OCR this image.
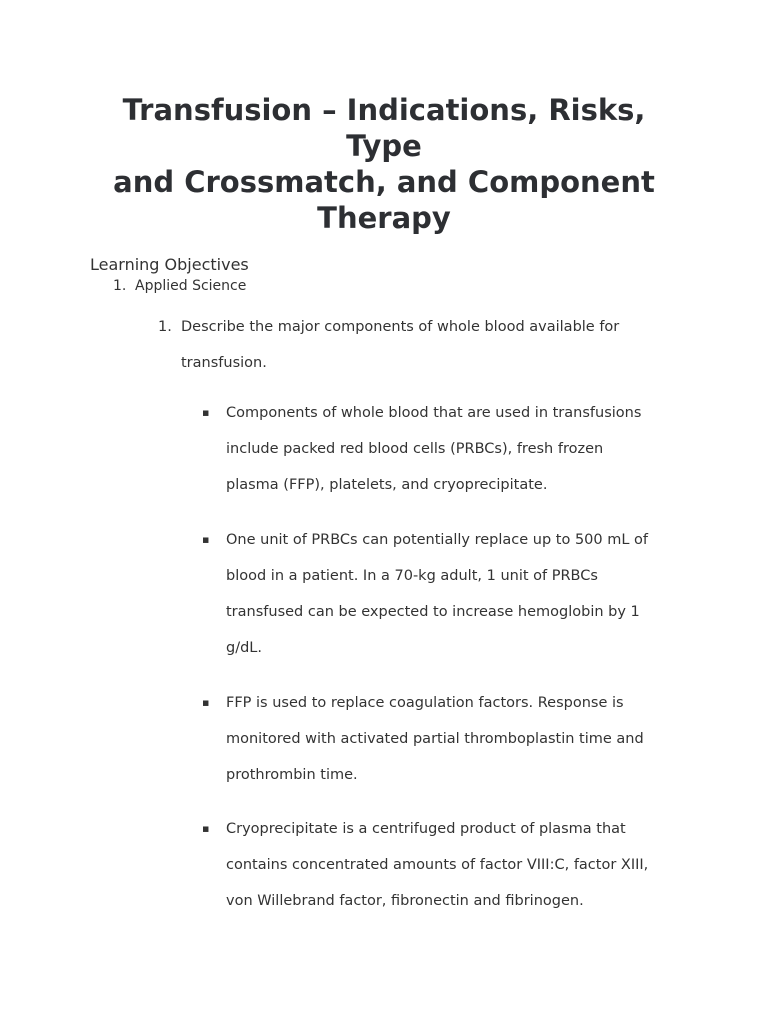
Transfusion – Indications, Risks,
Type
and Crossmatch, and Component
Therapy
Learning Objectives
1. Applied Science
1. Describe the major components of whole blood available for transfusion.
▪ Components of whole blood that are used in transfusions include packed red blood cells (PRBCs), fresh frozen plasma (FFP), platelets, and cryoprecipitate.
▪ One unit of PRBCs can potentially replace up to 500 mL of blood in a patient. In a 70-kg adult, 1 unit of PRBCs transfused can be expected to increase hemoglobin by 1 g/dL.
▪ FFP is used to replace coagulation factors. Response is monitored with activated partial thromboplastin time and prothrombin time.
▪ Cryoprecipitate is a centrifuged product of plasma that contains concentrated amounts of factor VIII:C, factor XIII, von Willebrand factor, fibronectin and fibrinogen.
